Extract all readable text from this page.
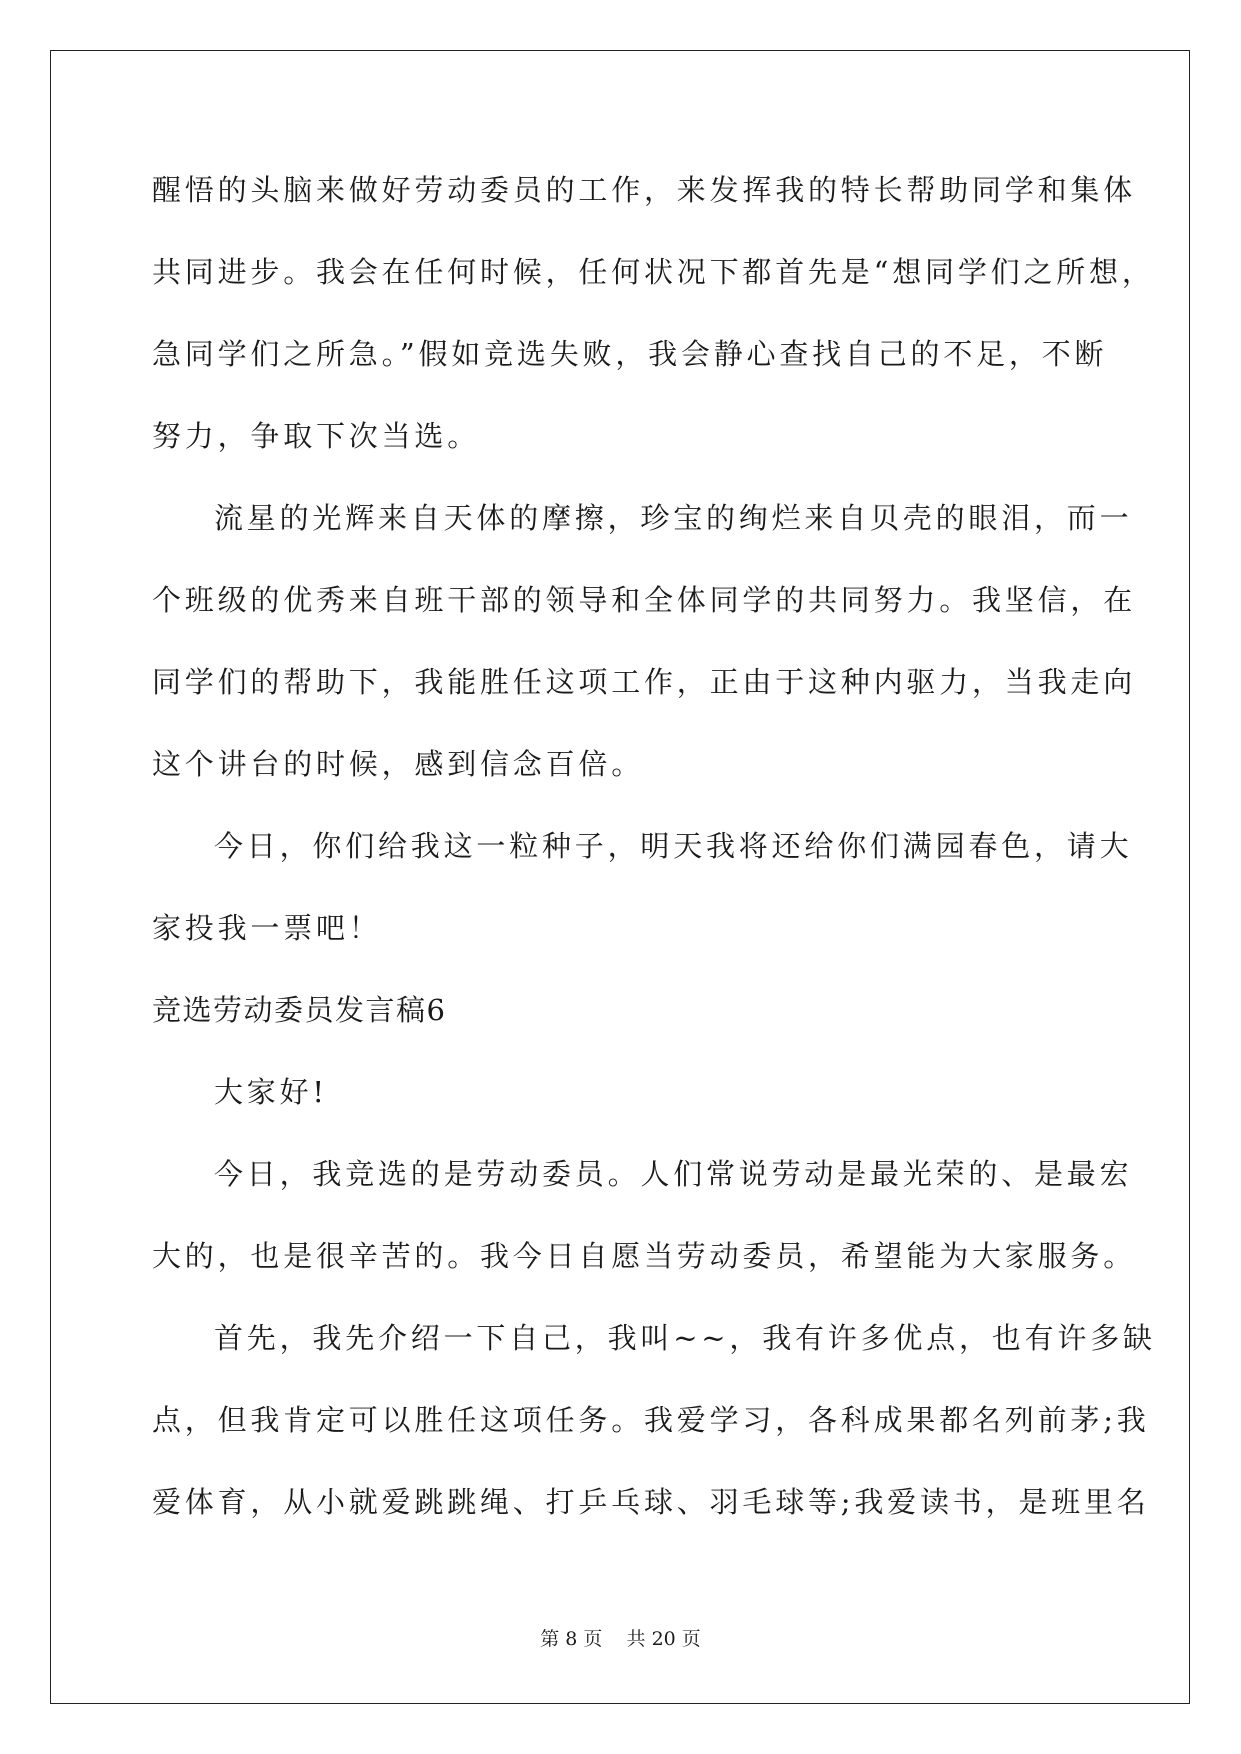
醒悟的头脑来做好劳动委员的工作，来发挥我的特长帮助同学和集体

共同进步。我会在任何时候，任何状况下都首先是“想同学们之所想，

急同学们之所急。”假如竞选失败，我会静心查找自己的不足，不断

努力，争取下次当选。

流星的光辉来自天体的摩擦，珍宝的绚烂来自贝壳的眼泪，而一

个班级的优秀来自班干部的领导和全体同学的共同努力。我坚信，在

同学们的帮助下，我能胜任这项工作，正由于这种内驱力，当我走向

这个讲台的时候，感到信念百倍。

今日，你们给我这一粒种子，明天我将还给你们满园春色，请大

家投我一票吧！

竞选劳动委员发言稿6

大家好!

今日，我竞选的是劳动委员。人们常说劳动是最光荣的、是最宏

大的，也是很辛苦的。我今日自愿当劳动委员，希望能为大家服务。

首先，我先介绍一下自己，我叫~~，我有许多优点，也有许多缺

点，但我肯定可以胜任这项任务。我爱学习，各科成果都名列前茅;我

爱体育，从小就爱跳跳绳、打乒乓球、羽毛球等;我爱读书，是班里名

第 8 页    共 20 页
